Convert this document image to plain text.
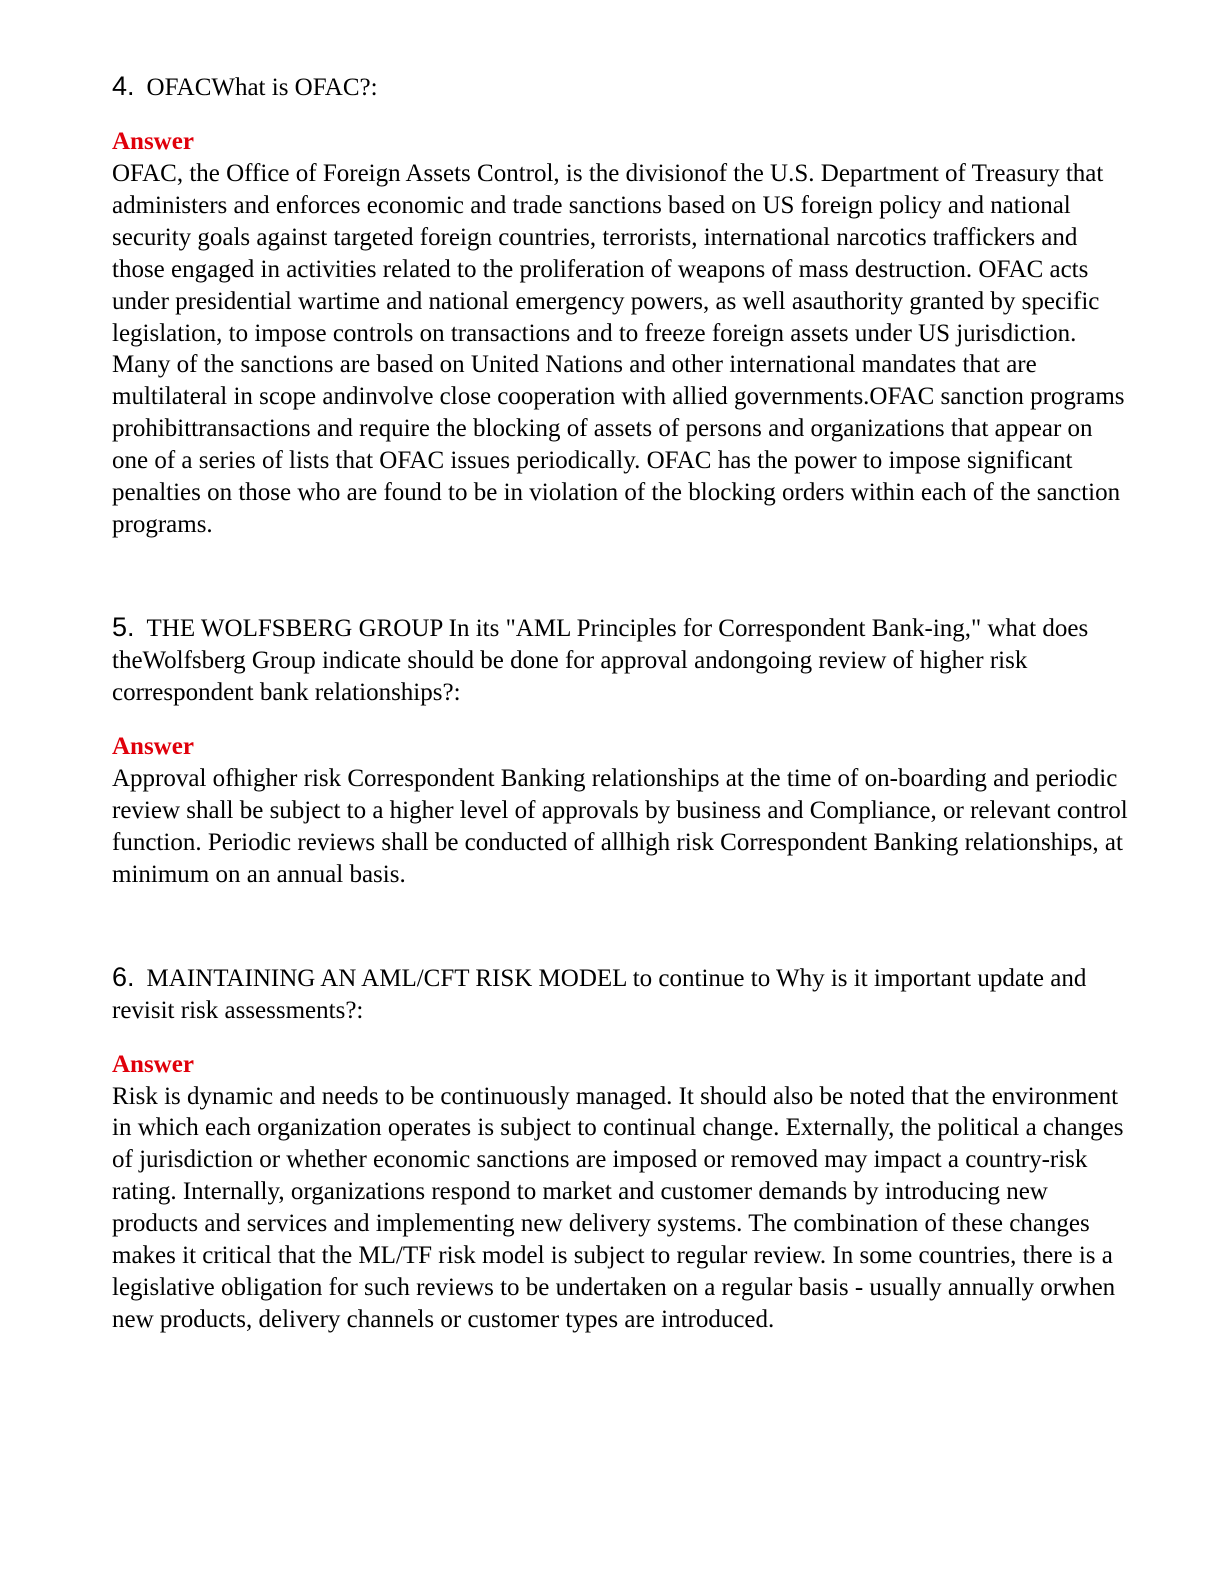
4. OFACWhat is OFAC?:

Answer

OFAC, the Office of Foreign Assets Control, is the divisionof the U.S. Department of Treasury that administers and enforces economic and trade sanctions based on US foreign policy and national security goals against targeted foreign countries, terrorists, international narcotics traffickers and those engaged in activities related to the proliferation of weapons of mass destruction. OFAC acts under presidential wartime and national emergency powers, as well asauthority granted by specific legislation, to impose controls on transactions and to freeze foreign assets under US jurisdiction. Many of the sanctions are based on United Nations and other international mandates that are multilateral in scope andinvolve close cooperation with allied governments.OFAC sanction programs prohibittransactions and require the blocking of assets of persons and organizations that appear on one of a series of lists that OFAC issues periodically. OFAC has the power to impose significant penalties on those who are found to be in violation of the blocking orders within each of the sanction programs.

5. THE WOLFSBERG GROUP In its "AML Principles for Correspondent Bank-ing," what does theWolfsberg Group indicate should be done for approval andongoing review of higher risk correspondent bank relationships?:

Answer

Approval ofhigher risk Correspondent Banking relationships at the time of on-boarding and periodic review shall be subject to a higher level of approvals by business and Compliance, or relevant control function. Periodic reviews shall be conducted of allhigh risk Correspondent Banking relationships, at minimum on an annual basis.

6. MAINTAINING AN AML/CFT RISK MODEL to continue to Why is it important update and revisit risk assessments?:

Answer

Risk is dynamic and needs to be continuously managed. It should also be noted that the environment in which each organization operates is subject to continual change. Externally, the political a changes of jurisdiction or whether economic sanctions are imposed or removed may impact a country-risk rating. Internally, organizations respond to market and customer demands by introducing new products and services and implementing new delivery systems. The combination of these changes makes it critical that the ML/TF risk model is subject to regular review. In some countries, there is a legislative obligation for such reviews to be undertaken on a regular basis - usually annually orwhen new products, delivery channels or customer types are introduced.
